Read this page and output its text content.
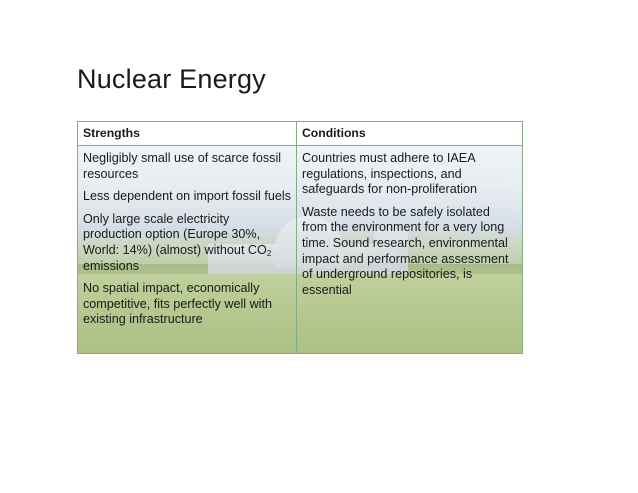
Nuclear Energy
Strengths	Conditions

Negligibly small use of scarce fossil resources

Less dependent on import fossil fuels

Only large scale electricity production option (Europe 30%, World: 14%) (almost) without $CO_2$ emissions

No spatial impact, economically competitive, fits perfectly well with existing infrastructure

Countries must adhere to IAEA regulations, inspections, and safeguards for non-proliferation

Waste needs to be safely isolated from the environment for a very long time. Sound research, environmental impact and performance assessment of underground repositories, is essential
